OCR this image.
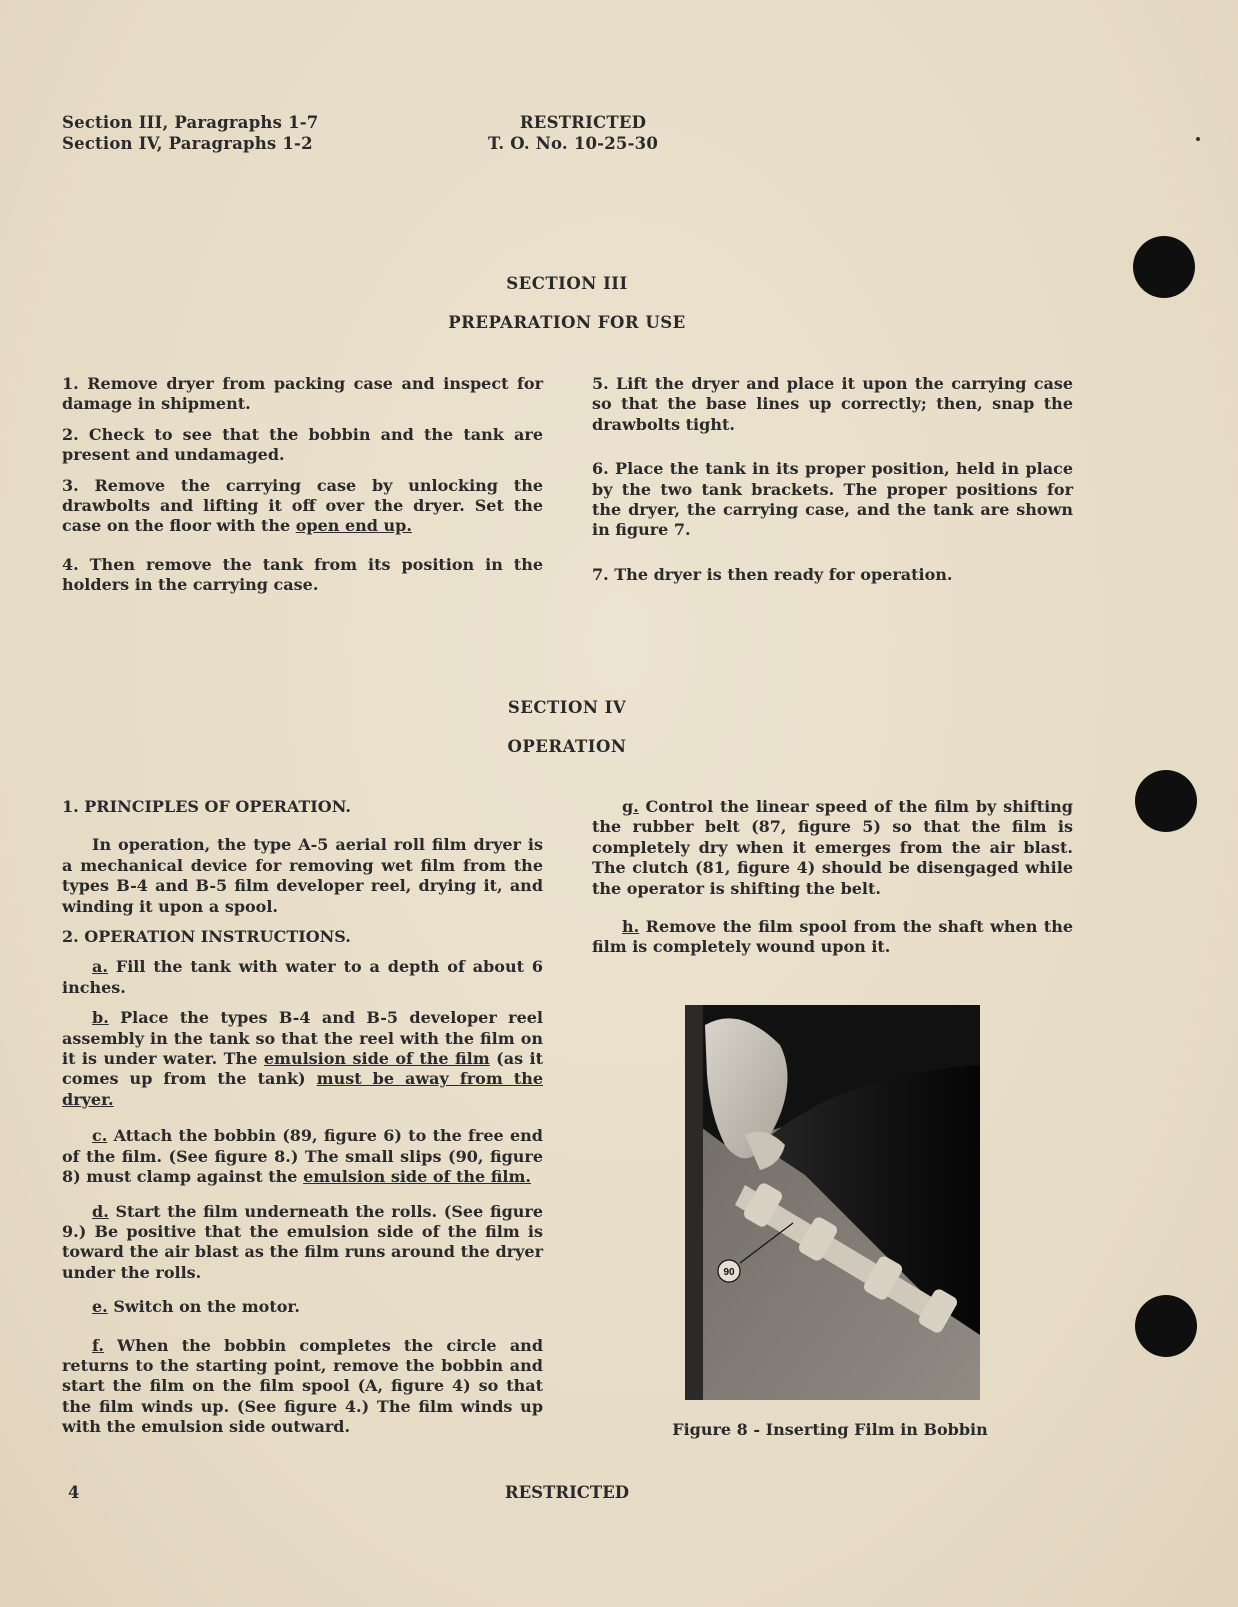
Section III, Paragraphs 1-7
Section IV, Paragraphs 1-2
RESTRICTED
T. O. No. 10-25-30
SECTION III
PREPARATION FOR USE

1. Remove dryer from packing case and inspect for damage in shipment.

2. Check to see that the bobbin and the tank are present and undamaged.

3. Remove the carrying case by unlocking the drawbolts and lifting it off over the dryer. Set the case on the floor with the open end up.

4. Then remove the tank from its position in the holders in the carrying case.

5. Lift the dryer and place it upon the carrying case so that the base lines up correctly; then, snap the drawbolts tight.

6. Place the tank in its proper position, held in place by the two tank brackets. The proper positions for the dryer, the carrying case, and the tank are shown in figure 7.

7. The dryer is then ready for operation.

SECTION IV
OPERATION

1. PRINCIPLES OF OPERATION.

In operation, the type A-5 aerial roll film dryer is a mechanical device for removing wet film from the types B-4 and B-5 film developer reel, drying it, and winding it upon a spool.

2. OPERATION INSTRUCTIONS.

a. Fill the tank with water to a depth of about 6 inches.

b. Place the types B-4 and B-5 developer reel assembly in the tank so that the reel with the film on it is under water. The emulsion side of the film (as it comes up from the tank) must be away from the dryer.

c. Attach the bobbin (89, figure 6) to the free end of the film. (See figure 8.) The small slips (90, figure 8) must clamp against the emulsion side of the film.

d. Start the film underneath the rolls. (See figure 9.) Be positive that the emulsion side of the film is toward the air blast as the film runs around the dryer under the rolls.

e. Switch on the motor.

f. When the bobbin completes the circle and returns to the starting point, remove the bobbin and start the film on the film spool (A, figure 4) so that the film winds up. (See figure 4.) The film winds up with the emulsion side outward.

g. Control the linear speed of the film by shifting the rubber belt (87, figure 5) so that the film is completely dry when it emerges from the air blast. The clutch (81, figure 4) should be disengaged while the operator is shifting the belt.

h. Remove the film spool from the shaft when the film is completely wound upon it.

90
Figure 8 - Inserting Film in Bobbin
4	RESTRICTED
